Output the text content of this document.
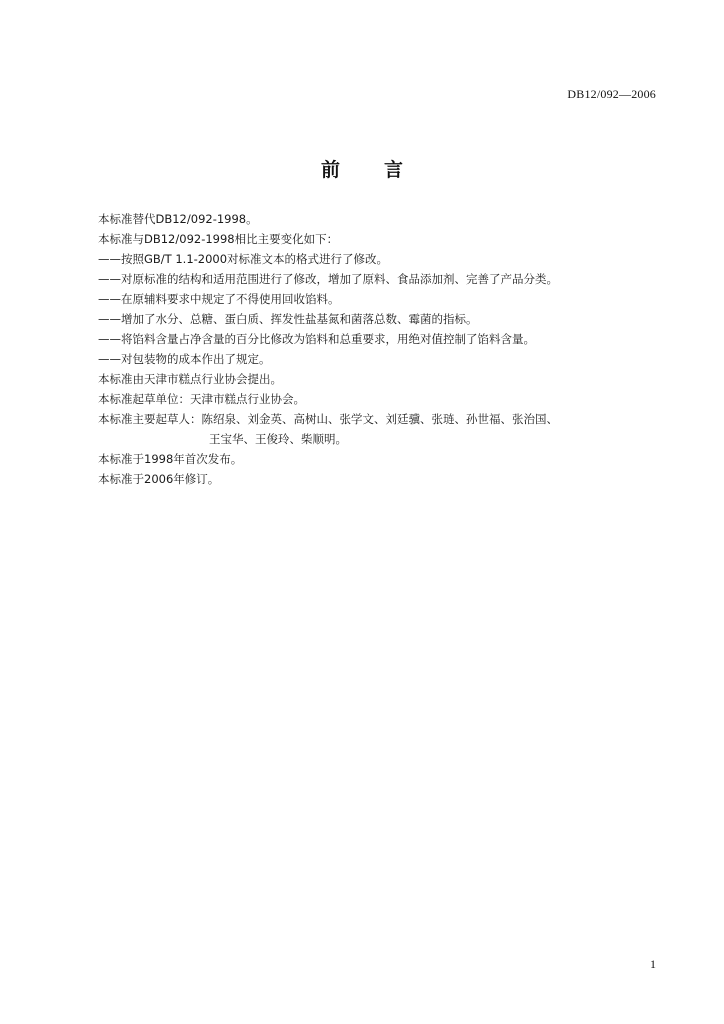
DB12/092—2006
前 言
本标准替代DB12/092-1998。
本标准与DB12/092-1998相比主要变化如下：
——按照GB/T 1.1-2000对标准文本的格式进行了修改。
——对原标准的结构和适用范围进行了修改，增加了原料、食品添加剂、完善了产品分类。
——在原辅料要求中规定了不得使用回收馅料。
——增加了水分、总糖、蛋白质、挥发性盐基氮和菌落总数、霉菌的指标。
——将馅料含量占净含量的百分比修改为馅料和总重要求，用绝对值控制了馅料含量。
——对包装物的成本作出了规定。
本标准由天津市糕点行业协会提出。
本标准起草单位：天津市糕点行业协会。
本标准主要起草人：陈绍泉、刘金英、高树山、张学文、刘廷骥、张琏、孙世福、张治国、
王宝华、王俊玲、柴顺明。
本标准于1998年首次发布。
本标准于2006年修订。
1
